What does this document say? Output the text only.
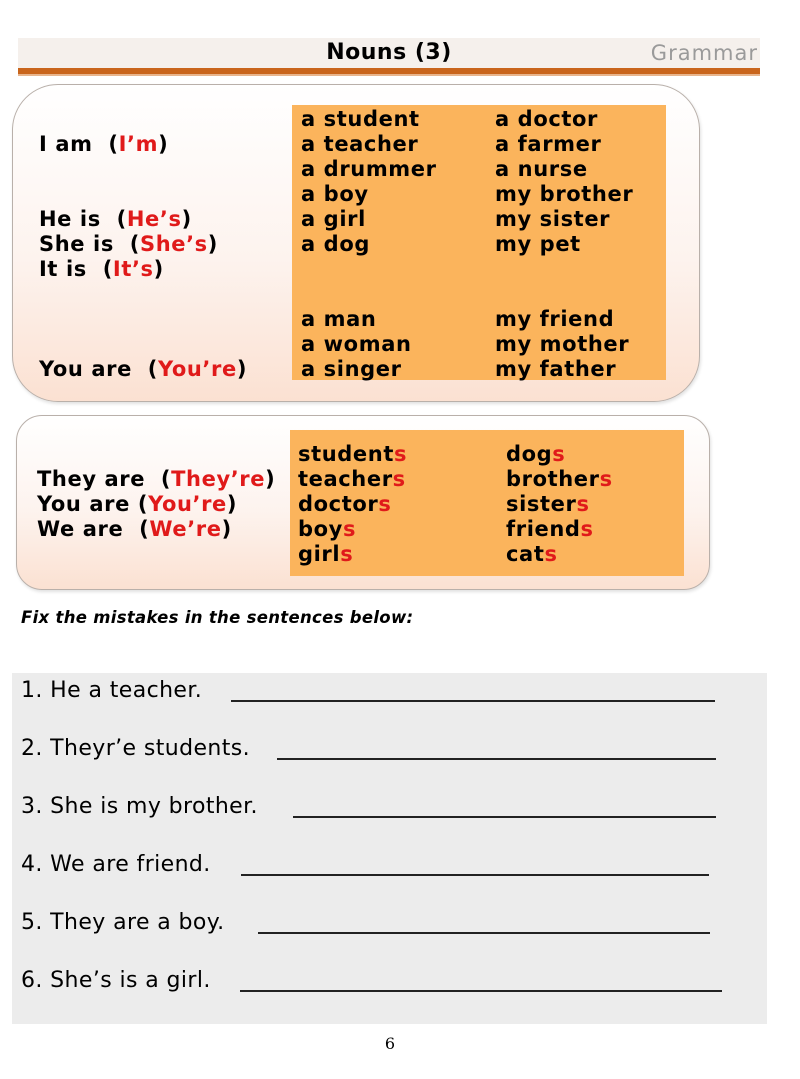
Nouns (3)	Grammar
I am (I’m)
He is (He’s)
She is (She’s)
It is (It’s)
You are (You’re)
a student
a teacher
a drummer
a boy
a girl
a dog
a man
a woman
a singer
a doctor
a farmer
a nurse
my brother
my sister
my pet
my friend
my mother
my father
They are (They’re)
You are (You’re)
We are (We’re)
students
teachers
doctors
boys
girls
dogs
brothers
sisters
friends
cats
Fix the mistakes in the sentences below:
1. He a teacher.
2. Theyr’e students.
3. She is my brother.
4. We are friend.
5. They are a boy.
6. She’s is a girl.
6
